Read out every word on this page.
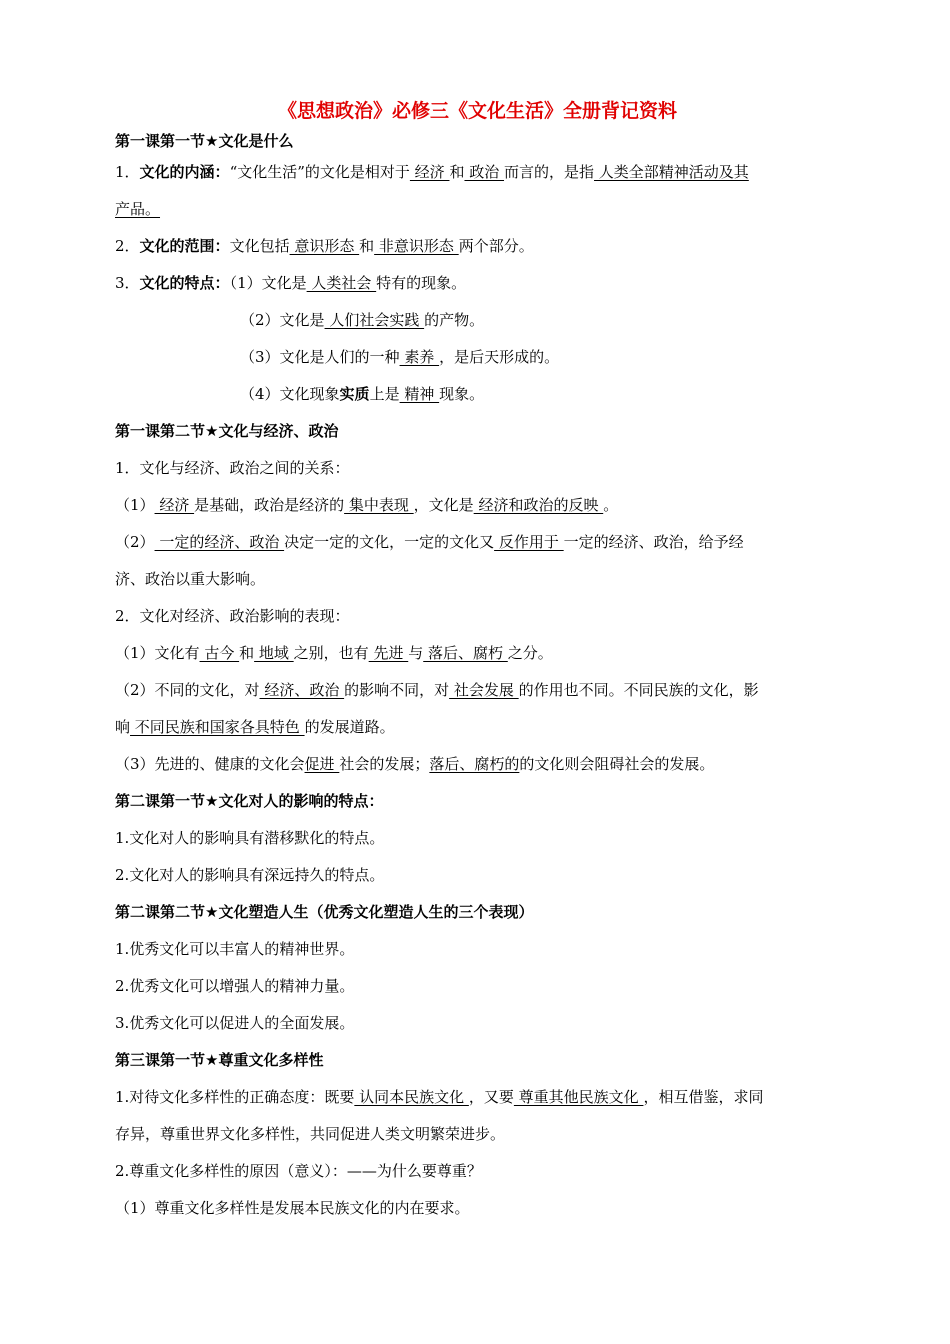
《思想政治》必修三《文化生活》全册背记资料
第一课第一节★文化是什么
1．文化的内涵：“文化生活”的文化是相对于 经济 和 政治 而言的，是指 人类全部精神活动及其
产品。
2．文化的范围：文化包括 意识形态 和 非意识形态 两个部分。
3．文化的特点：（1）文化是 人类社会 特有的现象。
（2）文化是 人们社会实践 的产物。
（3）文化是人们的一种 素养 ，是后天形成的。
（4）文化现象实质上是 精神 现象。
第一课第二节★文化与经济、政治
1．文化与经济、政治之间的关系：
（1） 经济 是基础，政治是经济的 集中表现 ，文化是 经济和政治的反映 。
（2） 一定的经济、政治 决定一定的文化，一定的文化又 反作用于 一定的经济、政治，给予经
济、政治以重大影响。
2．文化对经济、政治影响的表现：
（1）文化有 古今 和 地域 之别，也有 先进 与 落后、腐朽 之分。
（2）不同的文化，对 经济、政治 的影响不同，对 社会发展 的作用也不同。不同民族的文化，影
响 不同民族和国家各具特色 的发展道路。
（3）先进的、健康的文化会促进 社会的发展；落后、腐朽的的文化则会阻碍社会的发展。
第二课第一节★文化对人的影响的特点：
1.文化对人的影响具有潜移默化的特点。
2.文化对人的影响具有深远持久的特点。
第二课第二节★文化塑造人生（优秀文化塑造人生的三个表现）
1.优秀文化可以丰富人的精神世界。
2.优秀文化可以增强人的精神力量。
3.优秀文化可以促进人的全面发展。
第三课第一节★尊重文化多样性
1.对待文化多样性的正确态度：既要 认同本民族文化 ，又要 尊重其他民族文化 ，相互借鉴，求同
存异，尊重世界文化多样性，共同促进人类文明繁荣进步。
2.尊重文化多样性的原因（意义）：——为什么要尊重？
（1）尊重文化多样性是发展本民族文化的内在要求。
